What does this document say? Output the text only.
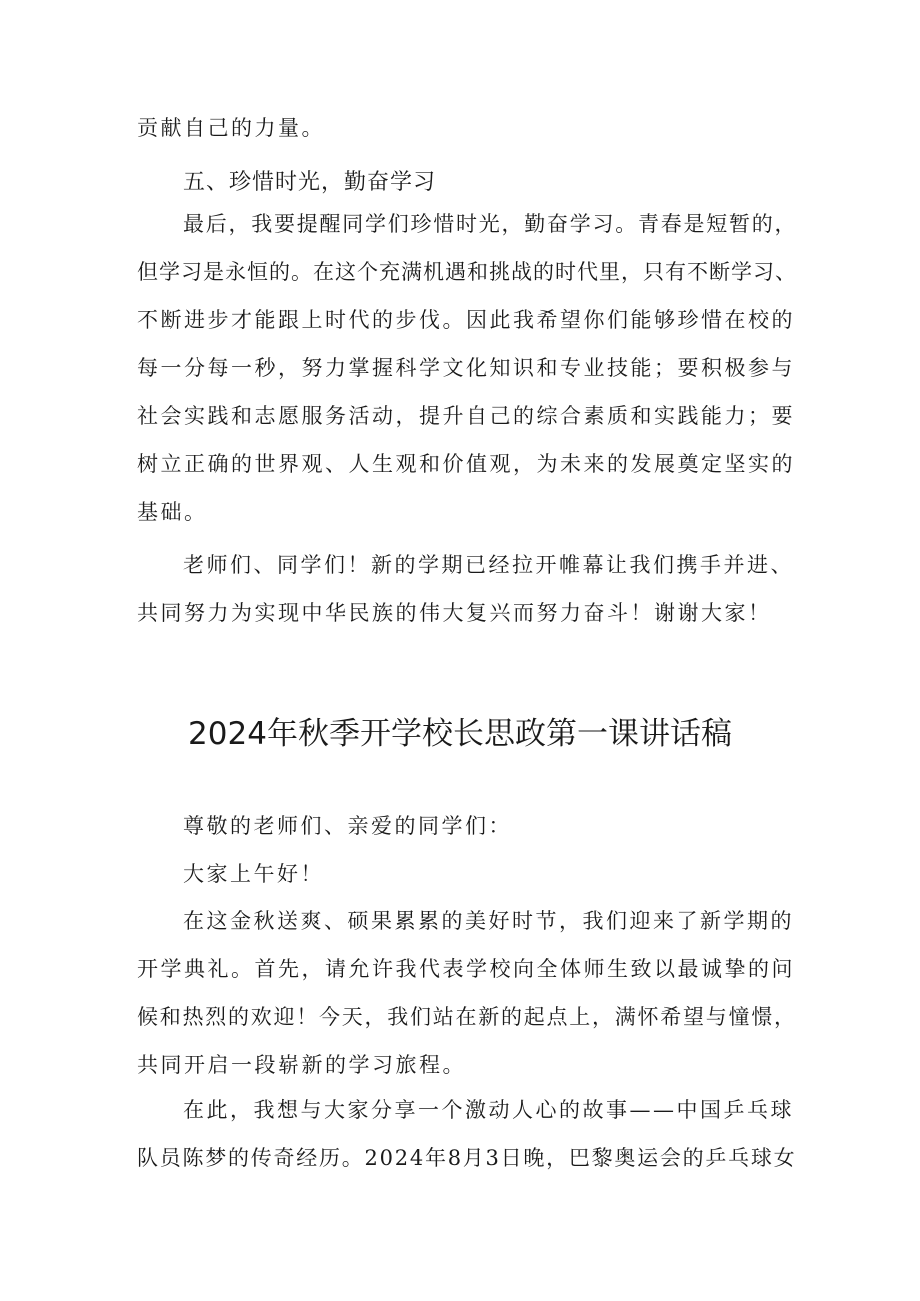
贡献自己的力量。

五、珍惜时光，勤奋学习

最后，我要提醒同学们珍惜时光，勤奋学习。青春是短暂的，
但学习是永恒的。在这个充满机遇和挑战的时代里，只有不断学习、
不断进步才能跟上时代的步伐。因此我希望你们能够珍惜在校的
每一分每一秒，努力掌握科学文化知识和专业技能；要积极参与
社会实践和志愿服务活动，提升自己的综合素质和实践能力；要
树立正确的世界观、人生观和价值观，为未来的发展奠定坚实的
基础。

老师们、同学们！新的学期已经拉开帷幕让我们携手并进、
共同努力为实现中华民族的伟大复兴而努力奋斗！谢谢大家！

2024年秋季开学校长思政第一课讲话稿

尊敬的老师们、亲爱的同学们：

大家上午好！

在这金秋送爽、硕果累累的美好时节，我们迎来了新学期的
开学典礼。首先，请允许我代表学校向全体师生致以最诚挚的问
候和热烈的欢迎！今天，我们站在新的起点上，满怀希望与憧憬，
共同开启一段崭新的学习旅程。

在此，我想与大家分享一个激动人心的故事——中国乒乓球
队员陈梦的传奇经历。2024年8月3日晚，巴黎奥运会的乒乓球女
